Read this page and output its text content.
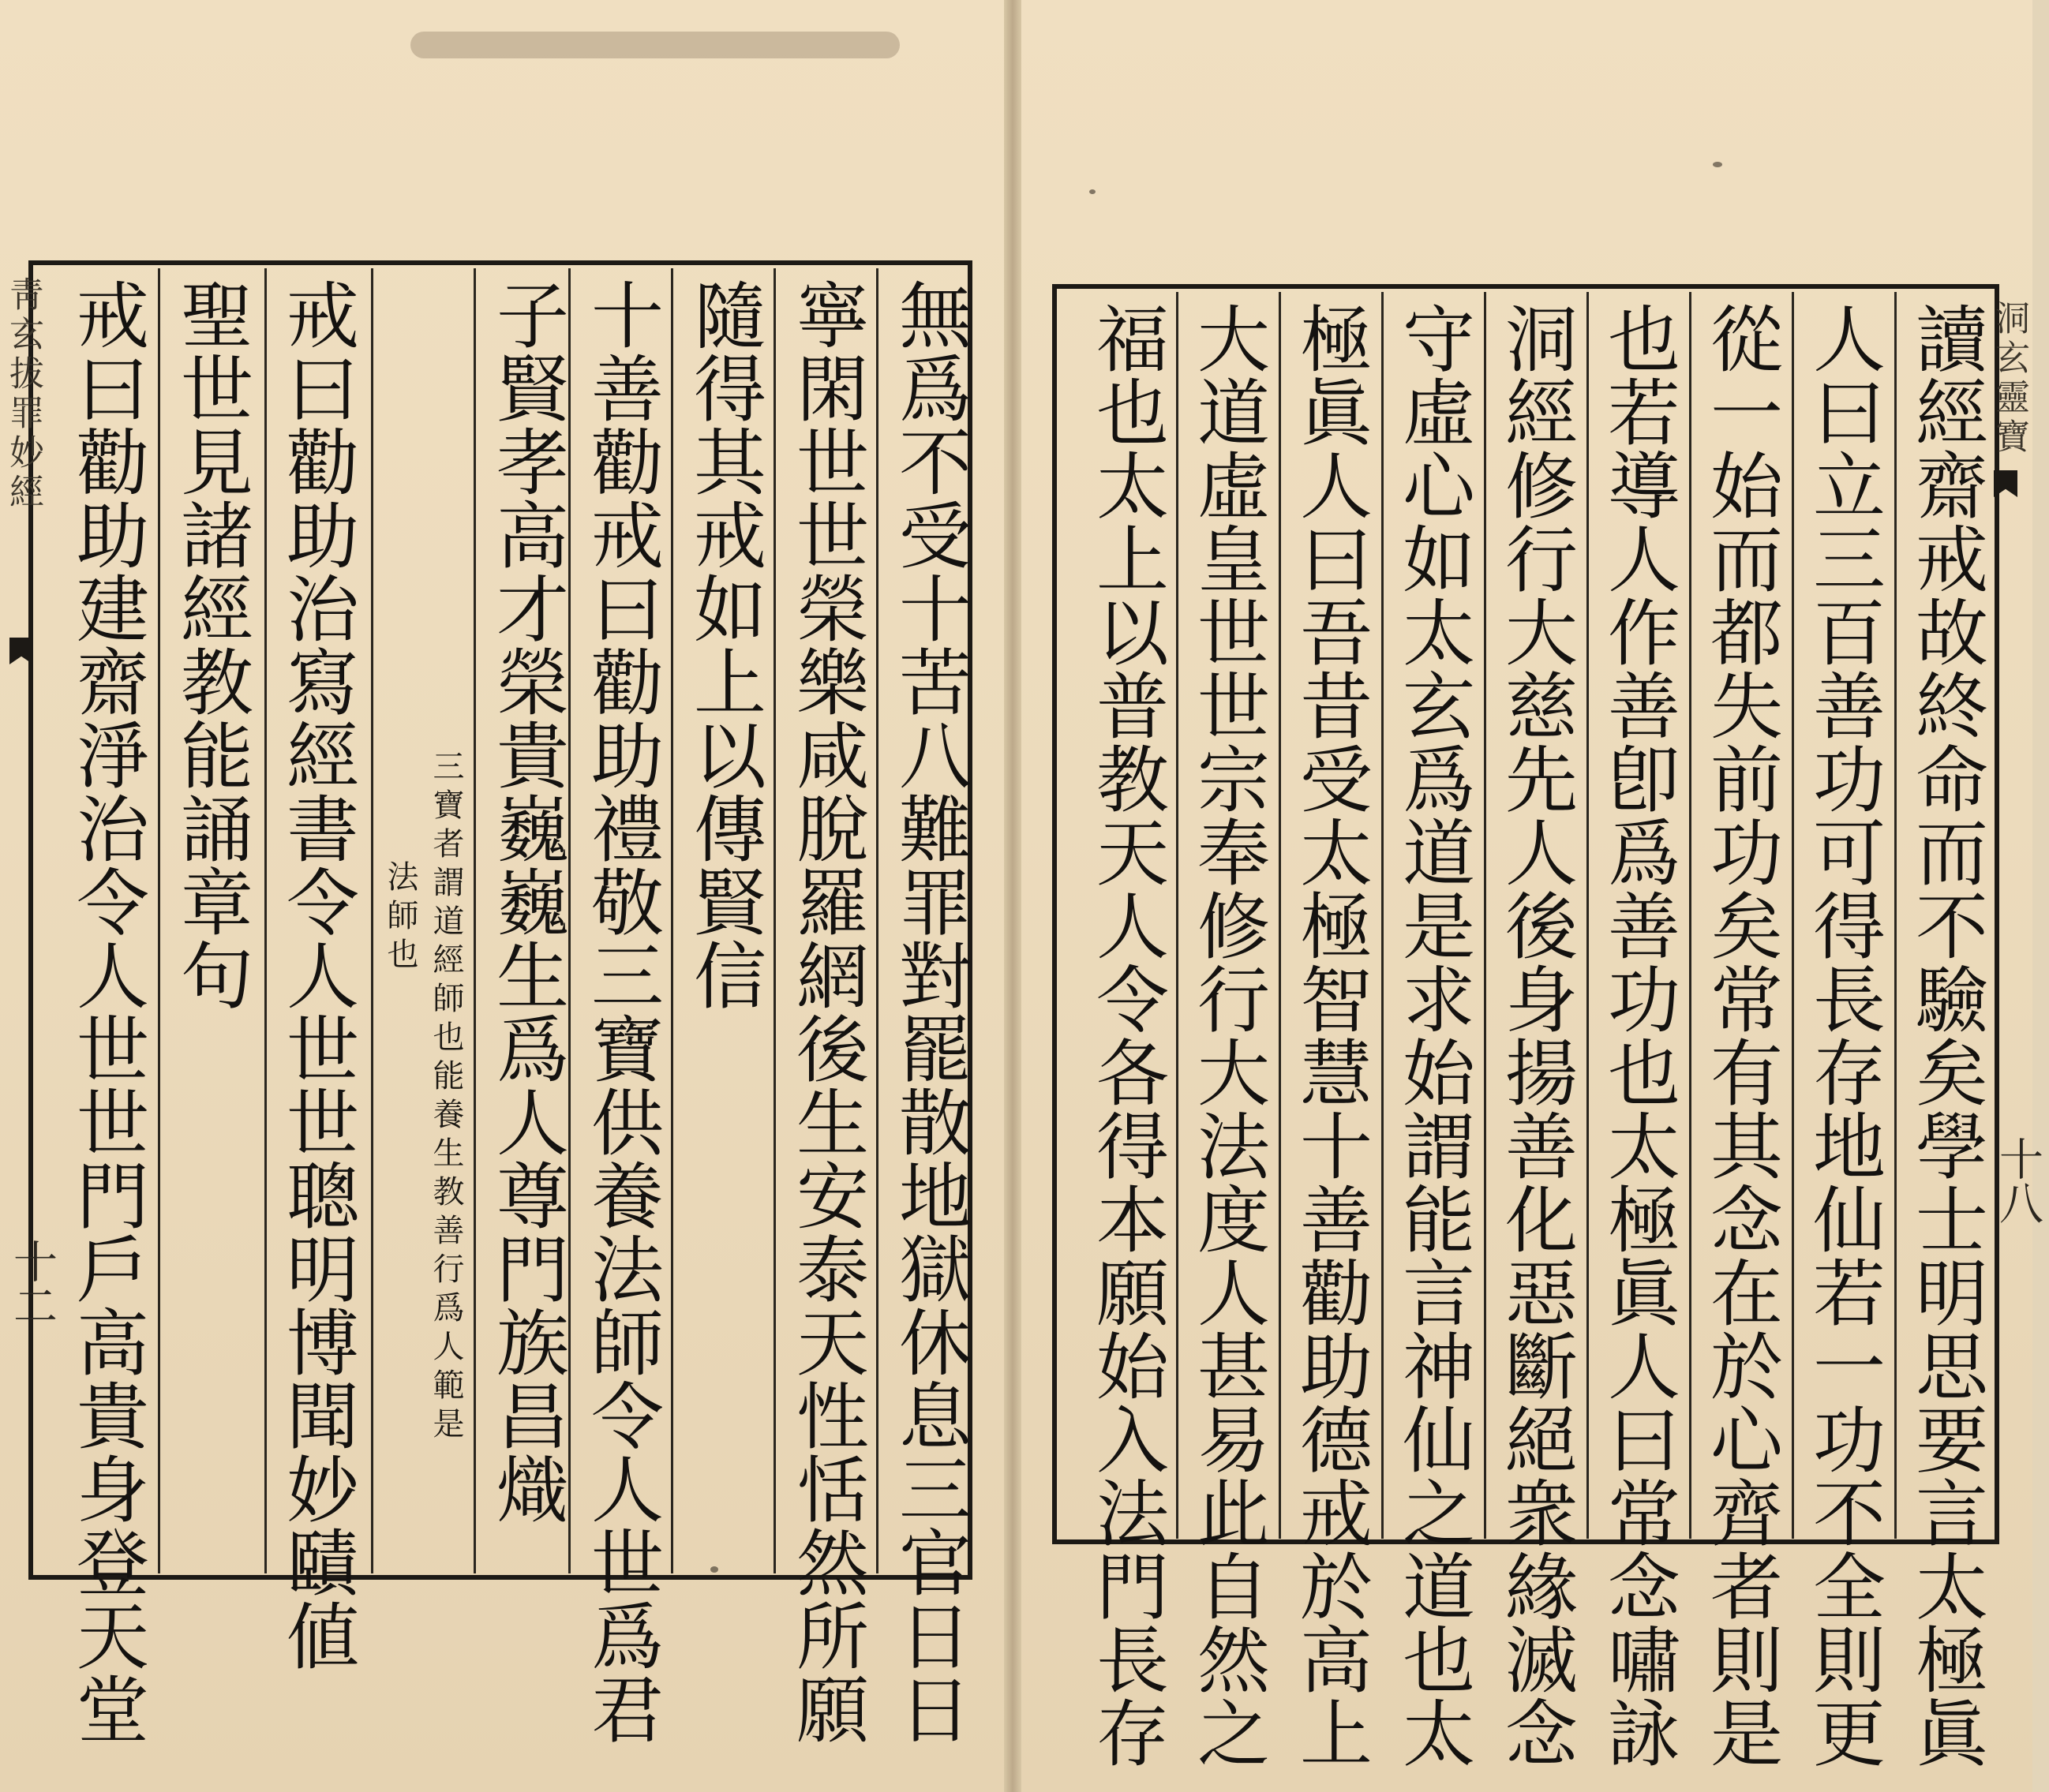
靑玄拔罪妙經
十二	無爲不受十苦八難罪對罷散地獄休息三官日日
寧閑世世榮樂咸脫羅網後生安泰天性恬然所願
隨得其戒如上以傳賢信
十善勸戒曰勸助禮敬三寶供養法師令人世爲君
子賢孝高才榮貴巍巍生爲人尊門族昌熾
三寶者謂道經師也能養生教善行爲人範是
法師也
戒曰勸助治寫經書令人世世聰明博聞妙賾値
聖世見諸經教能誦章句
戒曰勸助建齋淨治令人世世門戶高貴身登天堂	洞玄靈寶
十八
讀經齋戒故終命而不驗矣學士明思要言太極眞
人曰立三百善功可得長存地仙若一功不全則更
從一始而都失前功矣常有其念在於心齊者則是
也若導人作善卽爲善功也太極眞人曰常念嘯詠
洞經修行大慈先人後身揚善化惡斷絕衆緣滅念
守虛心如太玄爲道是求始謂能言神仙之道也太
極眞人曰吾昔受太極智慧十善勸助德戒於高上
大道虛皇世世宗奉修行大法度人甚易此自然之
福也太上以普教天人令各得本願始入法門長存
